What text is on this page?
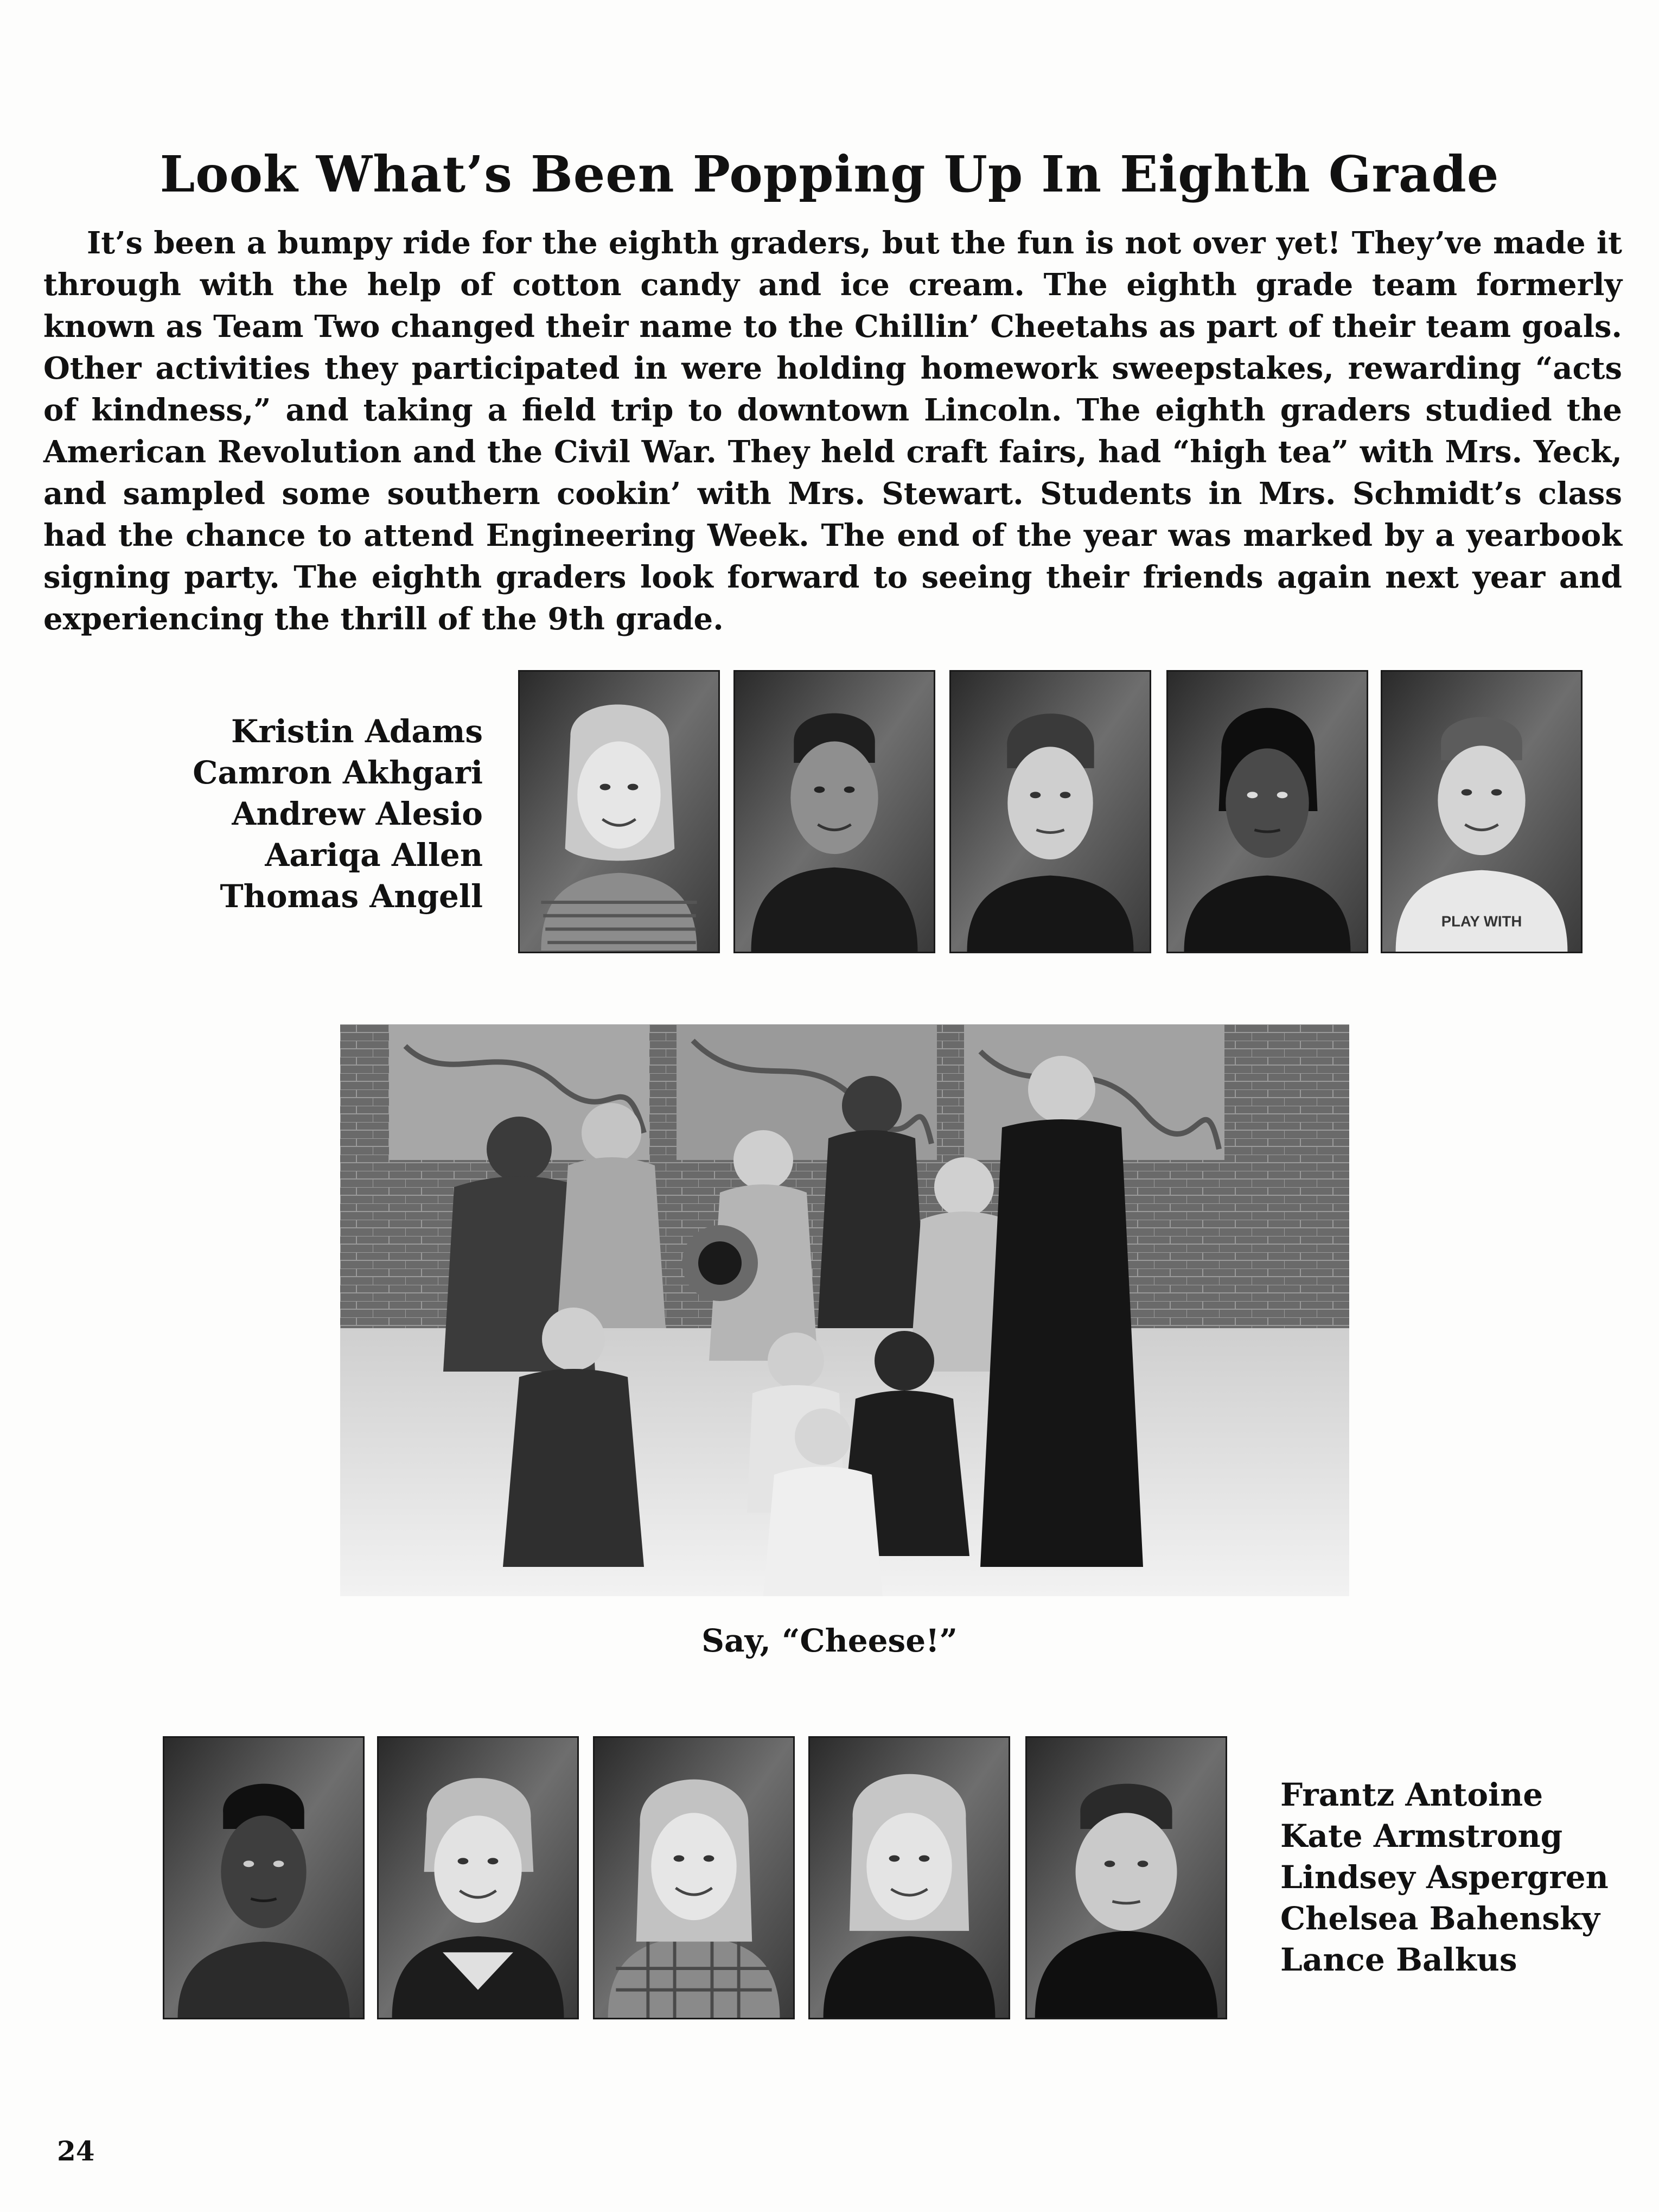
Look What’s Been Popping Up In Eighth Grade

It’s been a bumpy ride for the eighth graders, but the fun is not over yet! They’ve made it through with the help of cotton candy and ice cream. The eighth grade team formerly known as Team Two changed their name to the Chillin’ Cheetahs as part of their team goals. Other activities they participated in were holding homework sweepstakes, rewarding “acts of kindness,” and taking a field trip to downtown Lincoln. The eighth graders studied the American Revolution and the Civil War. They held craft fairs, had “high tea” with Mrs. Yeck, and sampled some southern cookin’ with Mrs. Stewart. Students in Mrs. Schmidt’s class had the chance to attend Engineering Week. The end of the year was marked by a yearbook signing party. The eighth graders look forward to seeing their friends again next year and experiencing the thrill of the 9th grade.

Kristin Adams
Camron Akhgari
Andrew Alesio
Aariqa Allen
Thomas Angell
PLAY WITH
Say, “Cheese!”
Frantz Antoine
Kate Armstrong
Lindsey Aspergren
Chelsea Bahensky
Lance Balkus
24
